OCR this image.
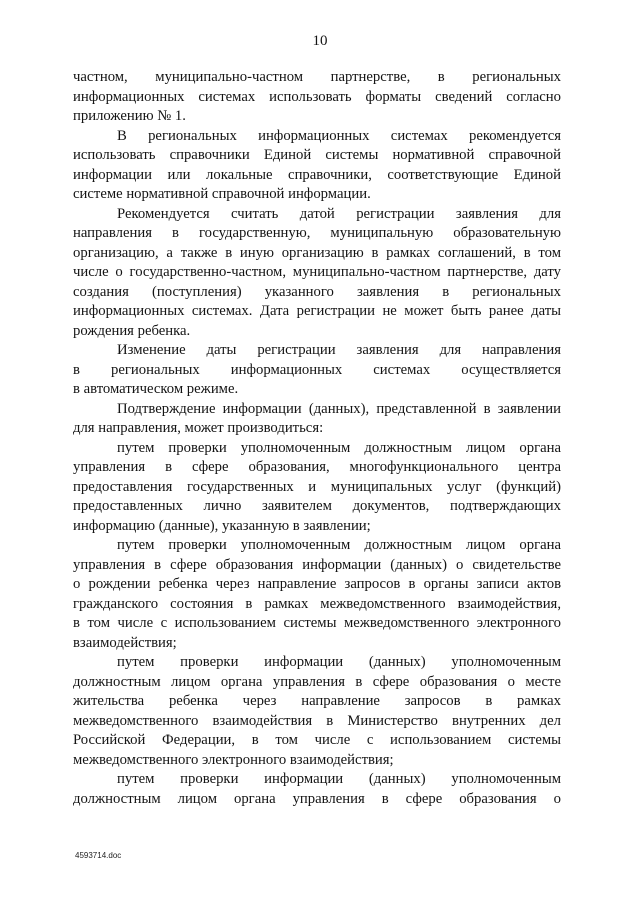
10
частном, муниципально-частном партнерстве, в региональных
информационных системах использовать форматы сведений согласно
приложению № 1.
В региональных информационных системах рекомендуется
использовать справочники Единой системы нормативной справочной
информации или локальные справочники, соответствующие Единой
системе нормативной справочной информации.
Рекомендуется считать датой регистрации заявления для
направления в государственную, муниципальную образовательную
организацию, а также в иную организацию в рамках соглашений, в том
числе о государственно-частном, муниципально-частном партнерстве, дату
создания (поступления) указанного заявления в региональных
информационных системах. Дата регистрации не может быть ранее даты
рождения ребенка.
Изменение даты регистрации заявления для направления
в региональных информационных системах осуществляется
в автоматическом режиме.
Подтверждение информации (данных), представленной в заявлении
для направления, может производиться:
путем проверки уполномоченным должностным лицом органа
управления в сфере образования, многофункционального центра
предоставления государственных и муниципальных услуг (функций)
предоставленных лично заявителем документов, подтверждающих
информацию (данные), указанную в заявлении;
путем проверки уполномоченным должностным лицом органа
управления в сфере образования информации (данных) о свидетельстве
о рождении ребенка через направление запросов в органы записи актов
гражданского состояния в рамках межведомственного взаимодействия,
в том числе с использованием системы межведомственного электронного
взаимодействия;
путем проверки информации (данных) уполномоченным
должностным лицом органа управления в сфере образования о месте
жительства ребенка через направление запросов в рамках
межведомственного взаимодействия в Министерство внутренних дел
Российской Федерации, в том числе с использованием системы
межведомственного электронного взаимодействия;
путем проверки информации (данных) уполномоченным
должностным лицом органа управления в сфере образования о
4593714.doc
